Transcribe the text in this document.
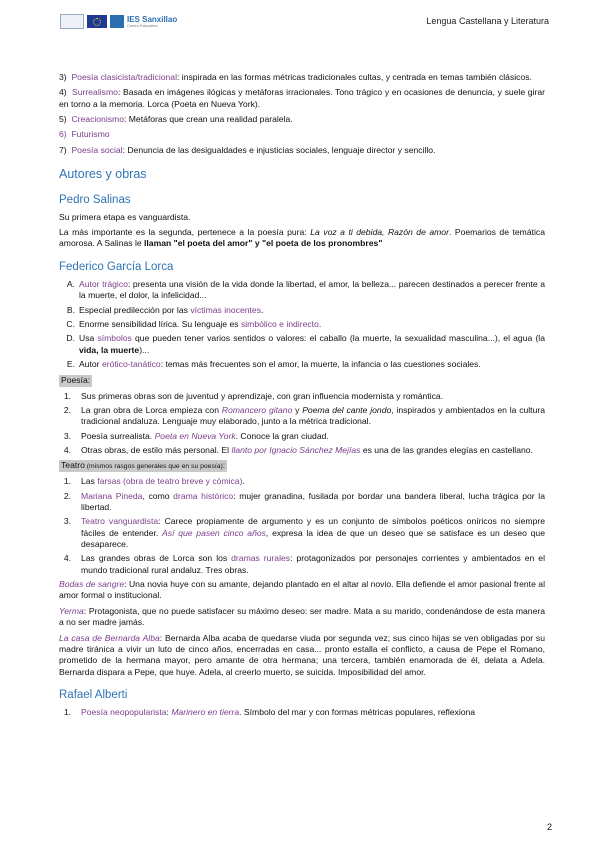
IES Sanxillao
Centro Educativo	Lengua Castellana y Literatura

3) Poesía clasicista/tradicional: inspirada en las formas métricas tradicionales cultas, y centrada en temas también clásicos.

4) Surrealismo: Basada en imágenes ilógicas y metáforas irracionales. Tono trágico y en ocasiones de denuncia, y suele girar en torno a la memoria. Lorca (Poeta en Nueva York).

5) Creacionismo: Metáforas que crean una realidad paralela.

6) Futurismo

7) Poesía social: Denuncia de las desigualdades e injusticias sociales, lenguaje director y sencillo.

Autores y obras
Pedro Salinas

Su primera etapa es vanguardista.

La más importante es la segunda, pertenece a la poesía pura: La voz a ti debida, Razón de amor. Poemarios de temática amorosa. A Salinas le llaman "el poeta del amor" y "el poeta de los pronombres"

Federico García Lorca
A. Autor trágico: presenta una visión de la vida donde la libertad, el amor, la belleza... parecen destinados a perecer frente a la muerte, el dolor, la infelicidad...
B. Especial predilección por las víctimas inocentes.
C. Enorme sensibilidad lírica. Su lenguaje es simbólico e indirecto.
D. Usa símbolos que pueden tener varios sentidos o valores: el caballo (la muerte, la sexualidad masculina...), el agua (la vida, la muerte)...
E. Autor erótico-tanático: temas más frecuentes son el amor, la muerte, la infancia o las cuestiones sociales.
Poesía:
1. Sus primeras obras son de juventud y aprendizaje, con gran influencia modernista y romántica.
2. La gran obra de Lorca empieza con Romancero gitano y Poema del cante jondo, inspirados y ambientados en la cultura tradicional andaluza. Lenguaje muy elaborado, junto a la métrica tradicional.
3. Poesía surrealista. Poeta en Nueva York. Conoce la gran ciudad.
4. Otras obras, de estilo más personal. El llanto por Ignacio Sánchez Mejías es una de las grandes elegías en castellano.
Teatro (mismos rasgos generales que en su poesía):
1. Las farsas (obra de teatro breve y cómica).
2. Mariana Pineda, como drama histórico: mujer granadina, fusilada por bordar una bandera liberal, lucha trágica por la libertad.
3. Teatro vanguardista: Carece propiamente de argumento y es un conjunto de símbolos poéticos oníricos no siempre fáciles de entender. Así que pasen cinco años, expresa la idea de que un deseo que se satisface es un deseo que desaparece.
4. Las grandes obras de Lorca son los dramas rurales: protagonizados por personajes corrientes y ambientados en el mundo tradicional rural andaluz. Tres obras.

Bodas de sangre: Una novia huye con su amante, dejando plantado en el altar al novio. Ella defiende el amor pasional frente al amor formal o institucional.

Yerma: Protagonista, que no puede satisfacer su máximo deseo: ser madre. Mata a su marido, condenándose de esta manera a no ser madre jamás.

La casa de Bernarda Alba: Bernarda Alba acaba de quedarse viuda por segunda vez; sus cinco hijas se ven obligadas por su madre tiránica a vivir un luto de cinco años, encerradas en casa... pronto estalla el conflicto, a causa de Pepe el Romano, prometido de la hermana mayor, pero amante de otra hermana; una tercera, también enamorada de él, delata a Adela. Bernarda dispara a Pepe, que huye. Adela, al creerlo muerto, se suicida. Imposibilidad del amor.

Rafael Alberti
1. Poesía neopopularista: Marinero en tierra. Símbolo del mar y con formas métricas populares, reflexiona
2
